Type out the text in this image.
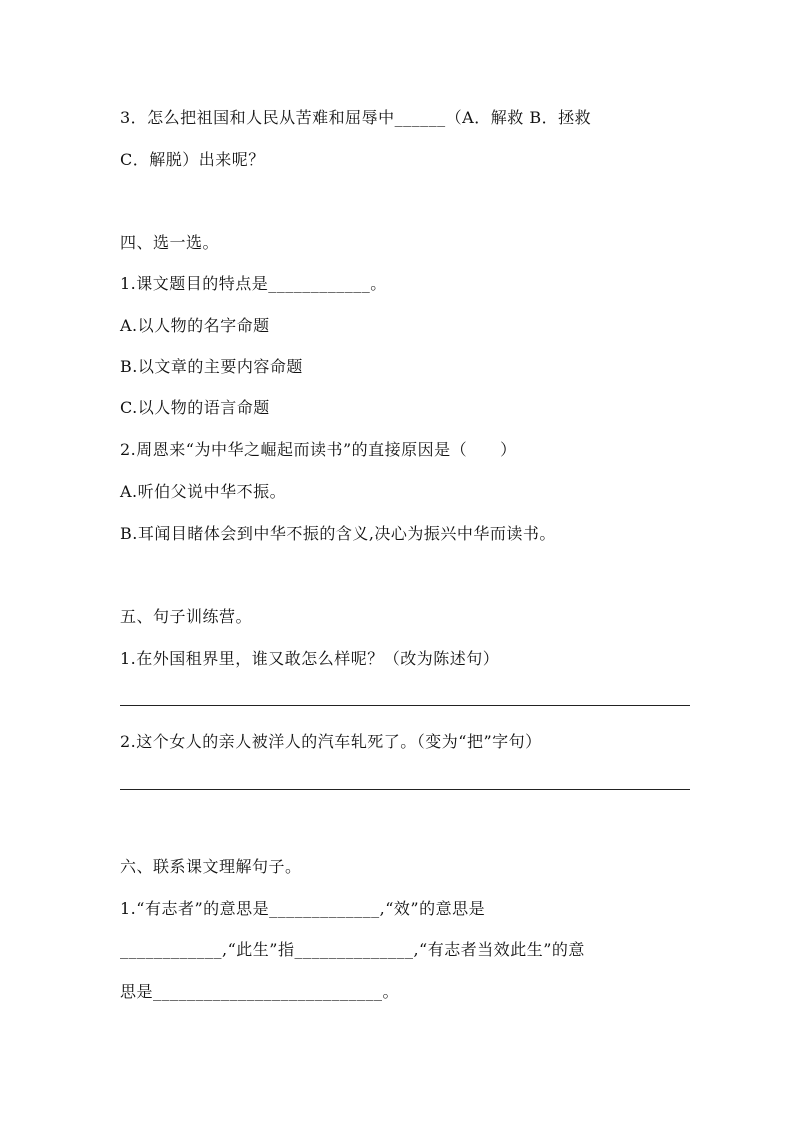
3．怎么把祖国和人民从苦难和屈辱中______（A．解救 B．拯救
C．解脱）出来呢？
四、选一选。
1.课文题目的特点是____________。
A.以人物的名字命题
B.以文章的主要内容命题
C.以人物的语言命题
2.周恩来“为中华之崛起而读书”的直接原因是（　　）
A.听伯父说中华不振。
B.耳闻目睹体会到中华不振的含义,决心为振兴中华而读书。
五、句子训练营。
1.在外国租界里，谁又敢怎么样呢？（改为陈述句）
2.这个女人的亲人被洋人的汽车轧死了。（变为“把”字句）
六、联系课文理解句子。
1.“有志者”的意思是_____________,“效”的意思是
____________,“此生”指______________,“有志者当效此生”的意
思是___________________________。
